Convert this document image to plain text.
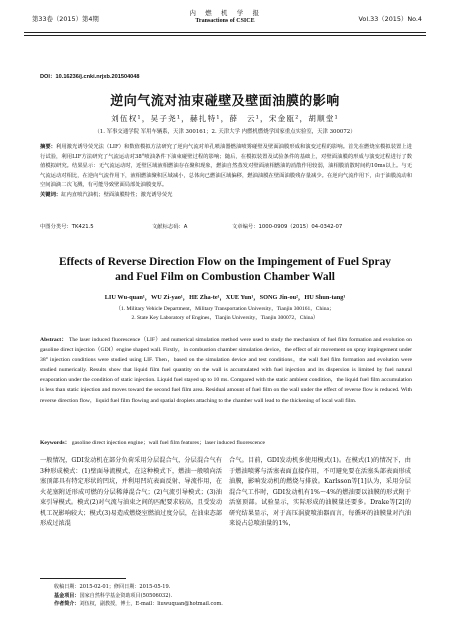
第33卷（2015）第4期
内　燃　机　学　报
Transactions of CSICE	Vol.33（2015）No.4
DOI：10.16236/j.cnki.nrjxb.201504048
逆向气流对油束碰壁及壁面油膜的影响
刘伍权¹，吴子尧¹，赫扎特¹，薛　云¹，宋金瓯²，胡顺堂¹
（1. 军事交通学院 军用车辆系，天津 300161；2. 天津大学 内燃机燃烧学国家重点实验室，天津 300072）
摘要：利用激光诱导荧光法（LIF）和数值模拟方法研究了逆向气流对单孔喷油器燃油喷雾碰壁及壁面油膜形成和演变过程的影响。首先在燃烧室模拟装置上进行试验，利用LIF方法研究了气流运动对38°喷油条件下油束碰壁过程的影响；随后，在模拟装置及试验条件的基础上，对壁面油膜的形成与演变过程进行了数值模拟研究。结果显示：无气流运动时，近壁区域液相燃油存在聚积现象，燃油自然蒸发对壁面液相燃油的消散作用较弱，油相膜消散时间约10ms以上。与无气流运动对相比，在逆向气流作用下，液相燃油聚积区域减小，总体向已燃油区域偏移，燃油油膜在壁面油膜残存量减少。在逆向气流作用下，由于油膜流动和空间油滴二次飞溅，有可能导致壁面局部处油膜变厚。
关键词：缸内直喷汽油机；壁面油膜特性；激光诱导荧光
中图分类号：TK421.5	文献标志码：A	文章编号：1000-0909（2015）04-0342-07
Effects of Reverse Direction Flow on the Impingement of Fuel Spray
and Fuel Film on Combustion Chamber Wall
LIU Wu-quan¹，WU Zi-yao¹，HE Zha-te¹，XUE Yun¹，SONG Jin-ou²，HU Shun-tang¹
（1. Military Vehicle Department，Military Transportation University，Tianjin 300161，China；
2. State Key Laboratory of Engines，Tianjin University，Tianjin 300072，China）
Abstract： The laser induced fluorescence（LIF）and numerical simulation method were used to study the mechanism of fuel film formation and evolution on gasoline direct injection（GDI）engine shaped wall. Firstly，in combustion chamber simulation device，the effect of air movement on spray impingement under 38° injection conditions were studied using LIF. Then，based on the simulation device and test conditions，the wall fuel film formation and evolution were studied numerically. Results show that liquid film fuel quantity on the wall is accumulated with fuel injection and its dispersion is limited by fuel natural evaporation under the condition of static injection. Liquid fuel stayed up to 10 ms. Compared with the static ambient condition，the liquid fuel film accumulation is less than static injection and moves toward the second fuel film area. Residual amount of fuel film on the wall under the effect of reverse flow is reduced. With reverse direction flow，liquid fuel film flowing and spatial droplets attaching to the chamber wall lead to the thickening of local wall film.
Keywords： gasoline direct injection engine；wall fuel film features；laser induced fluorescence
一般情况，GDI发动机在部分负荷采用分层混合气，分层混合气有3种形成模式：(1)壁面导流模式，在这种模式下，燃油一般喷向活塞顶部具有特定形状的凹坑，并利用凹坑表面反射、导流作用，在火花塞附近形成可燃的分层稀薄混合气；(2)气流引导模式；(3)油束引导模式。模式(2)对气流与油束之间的匹配要求较高，且受发动机工况影响较大；模式(3)易造成燃烧室燃油过度分层，在油束态部形成过浓混
合气。目前，GDI发动机多使用模式(1)。在模式(1)的情况下，由于燃油喷雾与活塞表面直接作用，不可避免要在活塞头部表面形成油膜，影响发动机的燃烧与排放。Karlsson等[1]认为，采用分层混合气工作时，GDI发动机有1%～4%的燃油要以油膜的形式附于活塞顶部。试验显示，实际形成的油膜量还要多。Drake等[2]的研究结果显示，对于高压涡旋喷油器而言，每循环的油膜量对汽油来说占总喷油量的1%，
收稿日期：2015-02-01；修回日期：2015-05-19.
基金项目：国家自然科学基金资助项目(50506032).
作者简介：刘伍权，副教授，博士，E-mail：liuwuquan@hotmail.com.
